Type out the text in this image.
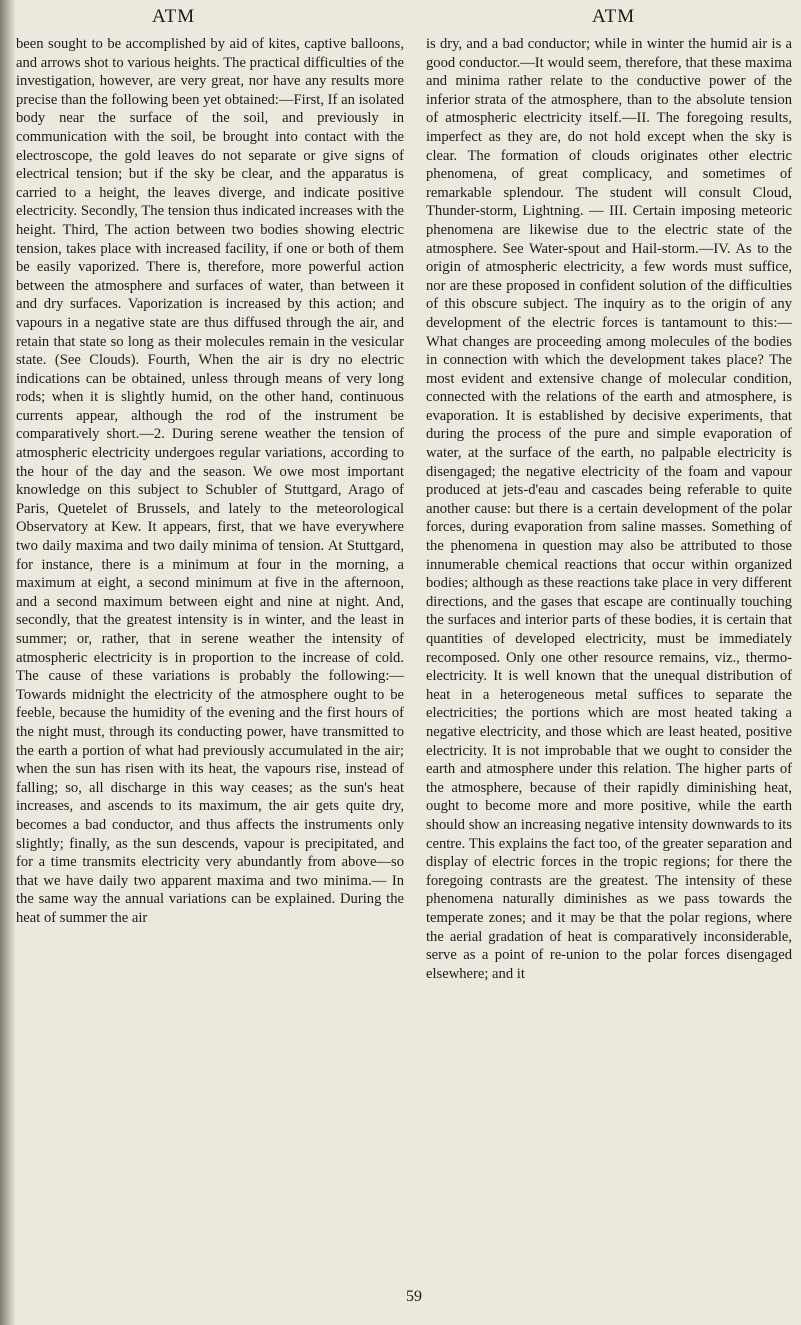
ATM	ATM

been sought to be accomplished by aid of kites, captive balloons, and arrows shot to various heights. The practical difficulties of the investigation, however, are very great, nor have any results more precise than the following been yet obtained:—First, If an isolated body near the surface of the soil, and previously in communication with the soil, be brought into contact with the electroscope, the gold leaves do not separate or give signs of electrical tension; but if the sky be clear, and the apparatus is carried to a height, the leaves diverge, and indicate positive electricity. Secondly, The tension thus indicated increases with the height. Third, The action between two bodies showing electric tension, takes place with increased facility, if one or both of them be easily vaporized. There is, therefore, more powerful action between the atmosphere and surfaces of water, than between it and dry surfaces. Vaporization is increased by this action; and vapours in a negative state are thus diffused through the air, and retain that state so long as their molecules remain in the vesicular state. (See Clouds). Fourth, When the air is dry no electric indications can be obtained, unless through means of very long rods; when it is slightly humid, on the other hand, continuous currents appear, although the rod of the instrument be comparatively short.—2. During serene weather the tension of atmospheric electricity undergoes regular variations, according to the hour of the day and the season. We owe most important knowledge on this subject to Schubler of Stuttgard, Arago of Paris, Quetelet of Brussels, and lately to the meteorological Observatory at Kew. It appears, first, that we have everywhere two daily maxima and two daily minima of tension. At Stuttgard, for instance, there is a minimum at four in the morning, a maximum at eight, a second minimum at five in the afternoon, and a second maximum between eight and nine at night. And, secondly, that the greatest intensity is in winter, and the least in summer; or, rather, that in serene weather the intensity of atmospheric electricity is in proportion to the increase of cold. The cause of these variations is probably the following:—Towards midnight the electricity of the atmosphere ought to be feeble, because the humidity of the evening and the first hours of the night must, through its conducting power, have transmitted to the earth a portion of what had previously accumulated in the air; when the sun has risen with its heat, the vapours rise, instead of falling; so, all discharge in this way ceases; as the sun's heat increases, and ascends to its maximum, the air gets quite dry, becomes a bad conductor, and thus affects the instruments only slightly; finally, as the sun descends, vapour is precipitated, and for a time transmits electricity very abundantly from above—so that we have daily two apparent maxima and two minima.— In the same way the annual variations can be explained. During the heat of summer the air

is dry, and a bad conductor; while in winter the humid air is a good conductor.—It would seem, therefore, that these maxima and minima rather relate to the conductive power of the inferior strata of the atmosphere, than to the absolute tension of atmospheric electricity itself.—II. The foregoing results, imperfect as they are, do not hold except when the sky is clear. The formation of clouds originates other electric phenomena, of great complicacy, and sometimes of remarkable splendour. The student will consult Cloud, Thunder-storm, Lightning. — III. Certain imposing meteoric phenomena are likewise due to the electric state of the atmosphere. See Water-spout and Hail-storm.—IV. As to the origin of atmospheric electricity, a few words must suffice, nor are these proposed in confident solution of the difficulties of this obscure subject. The inquiry as to the origin of any development of the electric forces is tantamount to this:—What changes are proceeding among molecules of the bodies in connection with which the development takes place? The most evident and extensive change of molecular condition, connected with the relations of the earth and atmosphere, is evaporation. It is established by decisive experiments, that during the process of the pure and simple evaporation of water, at the surface of the earth, no palpable electricity is disengaged; the negative electricity of the foam and vapour produced at jets-d'eau and cascades being referable to quite another cause: but there is a certain development of the polar forces, during evaporation from saline masses. Something of the phenomena in question may also be attributed to those innumerable chemical reactions that occur within organized bodies; although as these reactions take place in very different directions, and the gases that escape are continually touching the surfaces and interior parts of these bodies, it is certain that quantities of developed electricity, must be immediately recomposed. Only one other resource remains, viz., thermo-electricity. It is well known that the unequal distribution of heat in a heterogeneous metal suffices to separate the electricities; the portions which are most heated taking a negative electricity, and those which are least heated, positive electricity. It is not improbable that we ought to consider the earth and atmosphere under this relation. The higher parts of the atmosphere, because of their rapidly diminishing heat, ought to become more and more positive, while the earth should show an increasing negative intensity downwards to its centre. This explains the fact too, of the greater separation and display of electric forces in the tropic regions; for there the foregoing contrasts are the greatest. The intensity of these phenomena naturally diminishes as we pass towards the temperate zones; and it may be that the polar regions, where the aerial gradation of heat is comparatively inconsiderable, serve as a point of re-union to the polar forces disengaged elsewhere; and it

59
